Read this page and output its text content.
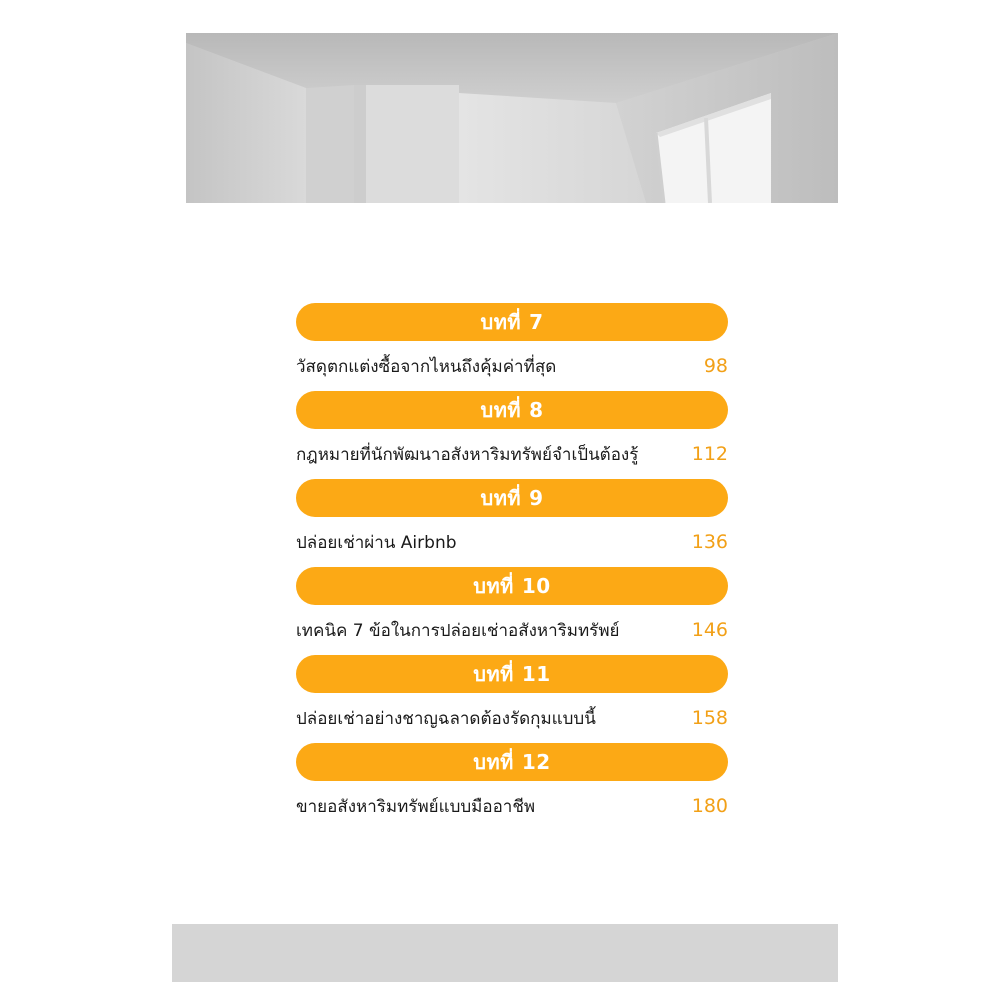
บทที่ 7
วัสดุตกแต่งซื้อจากไหนถึงคุ้มค่าที่สุด	98
บทที่ 8
กฎหมายที่นักพัฒนาอสังหาริมทรัพย์จำเป็นต้องรู้	112
บทที่ 9
ปล่อยเช่าผ่าน Airbnb	136
บทที่ 10
เทคนิค 7 ข้อในการปล่อยเช่าอสังหาริมทรัพย์	146
บทที่ 11
ปล่อยเช่าอย่างชาญฉลาดต้องรัดกุมแบบนี้	158
บทที่ 12
ขายอสังหาริมทรัพย์แบบมืออาชีพ	180
